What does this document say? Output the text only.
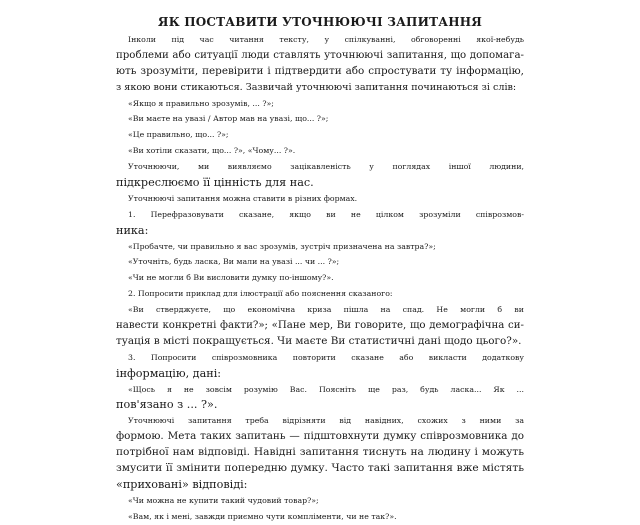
ЯК ПОСТАВИТИ УТОЧНЮЮЧІ ЗАПИТАННЯ
Інколи під час читання тексту, у спілкуванні, обговоренні якої-небудь
проблеми або ситуації люди ставлять уточнюючі запитання, що допомага-
ють зрозуміти, перевірити і підтвердити або спростувати ту інформацію,
з якою вони стикаються. Зазвичай уточнюючі запитання починаються зі слів:
«Якщо я правильно зрозумів, ... ?»;
«Ви маєте на увазі / Автор мав на увазі, що... ?»;
«Це правильно, що... ?»;
«Ви хотіли сказати, що... ?», «Чому... ?».
Уточнюючи, ми виявляємо зацікавленість у поглядах іншої людини,
підкреслюємо її цінність для нас.
Уточнюючі запитання можна ставити в різних формах.
1. Перефразовувати сказане, якщо ви не цілком зрозуміли співрозмов-
ника:
«Пробачте, чи правильно я вас зрозумів, зустріч призначена на завтра?»;
«Уточніть, будь ласка, Ви мали на увазі ... чи ... ?»;
«Чи не могли б Ви висловити думку по-іншому?».
2. Попросити приклад для ілюстрації або пояснення сказаного:
«Ви стверджуєте, що економічна криза пішла на спад. Не могли б ви
навести конкретні факти?»; «Пане мер, Ви говорите, що демографічна си-
туація в місті покращується. Чи маєте Ви статистичні дані щодо цього?».
3. Попросити співрозмовника повторити сказане або викласти додаткову
інформацію, дані:
«Щось я не зовсім розумію Вас. Поясніть ще раз, будь ласка... Як ...
пов'язано з ... ?».
Уточнюючі запитання треба відрізняти від навідних, схожих з ними за
формою. Мета таких запитань — підштовхнути думку співрозмовника до
потрібної нам відповіді. Навідні запитання тиснуть на людину і можуть
змусити її змінити попередню думку. Часто такі запитання вже містять
«приховані» відповіді:
«Чи можна не купити такий чудовий товар?»;
«Вам, як і мені, завжди приємно чути компліменти, чи не так?».
